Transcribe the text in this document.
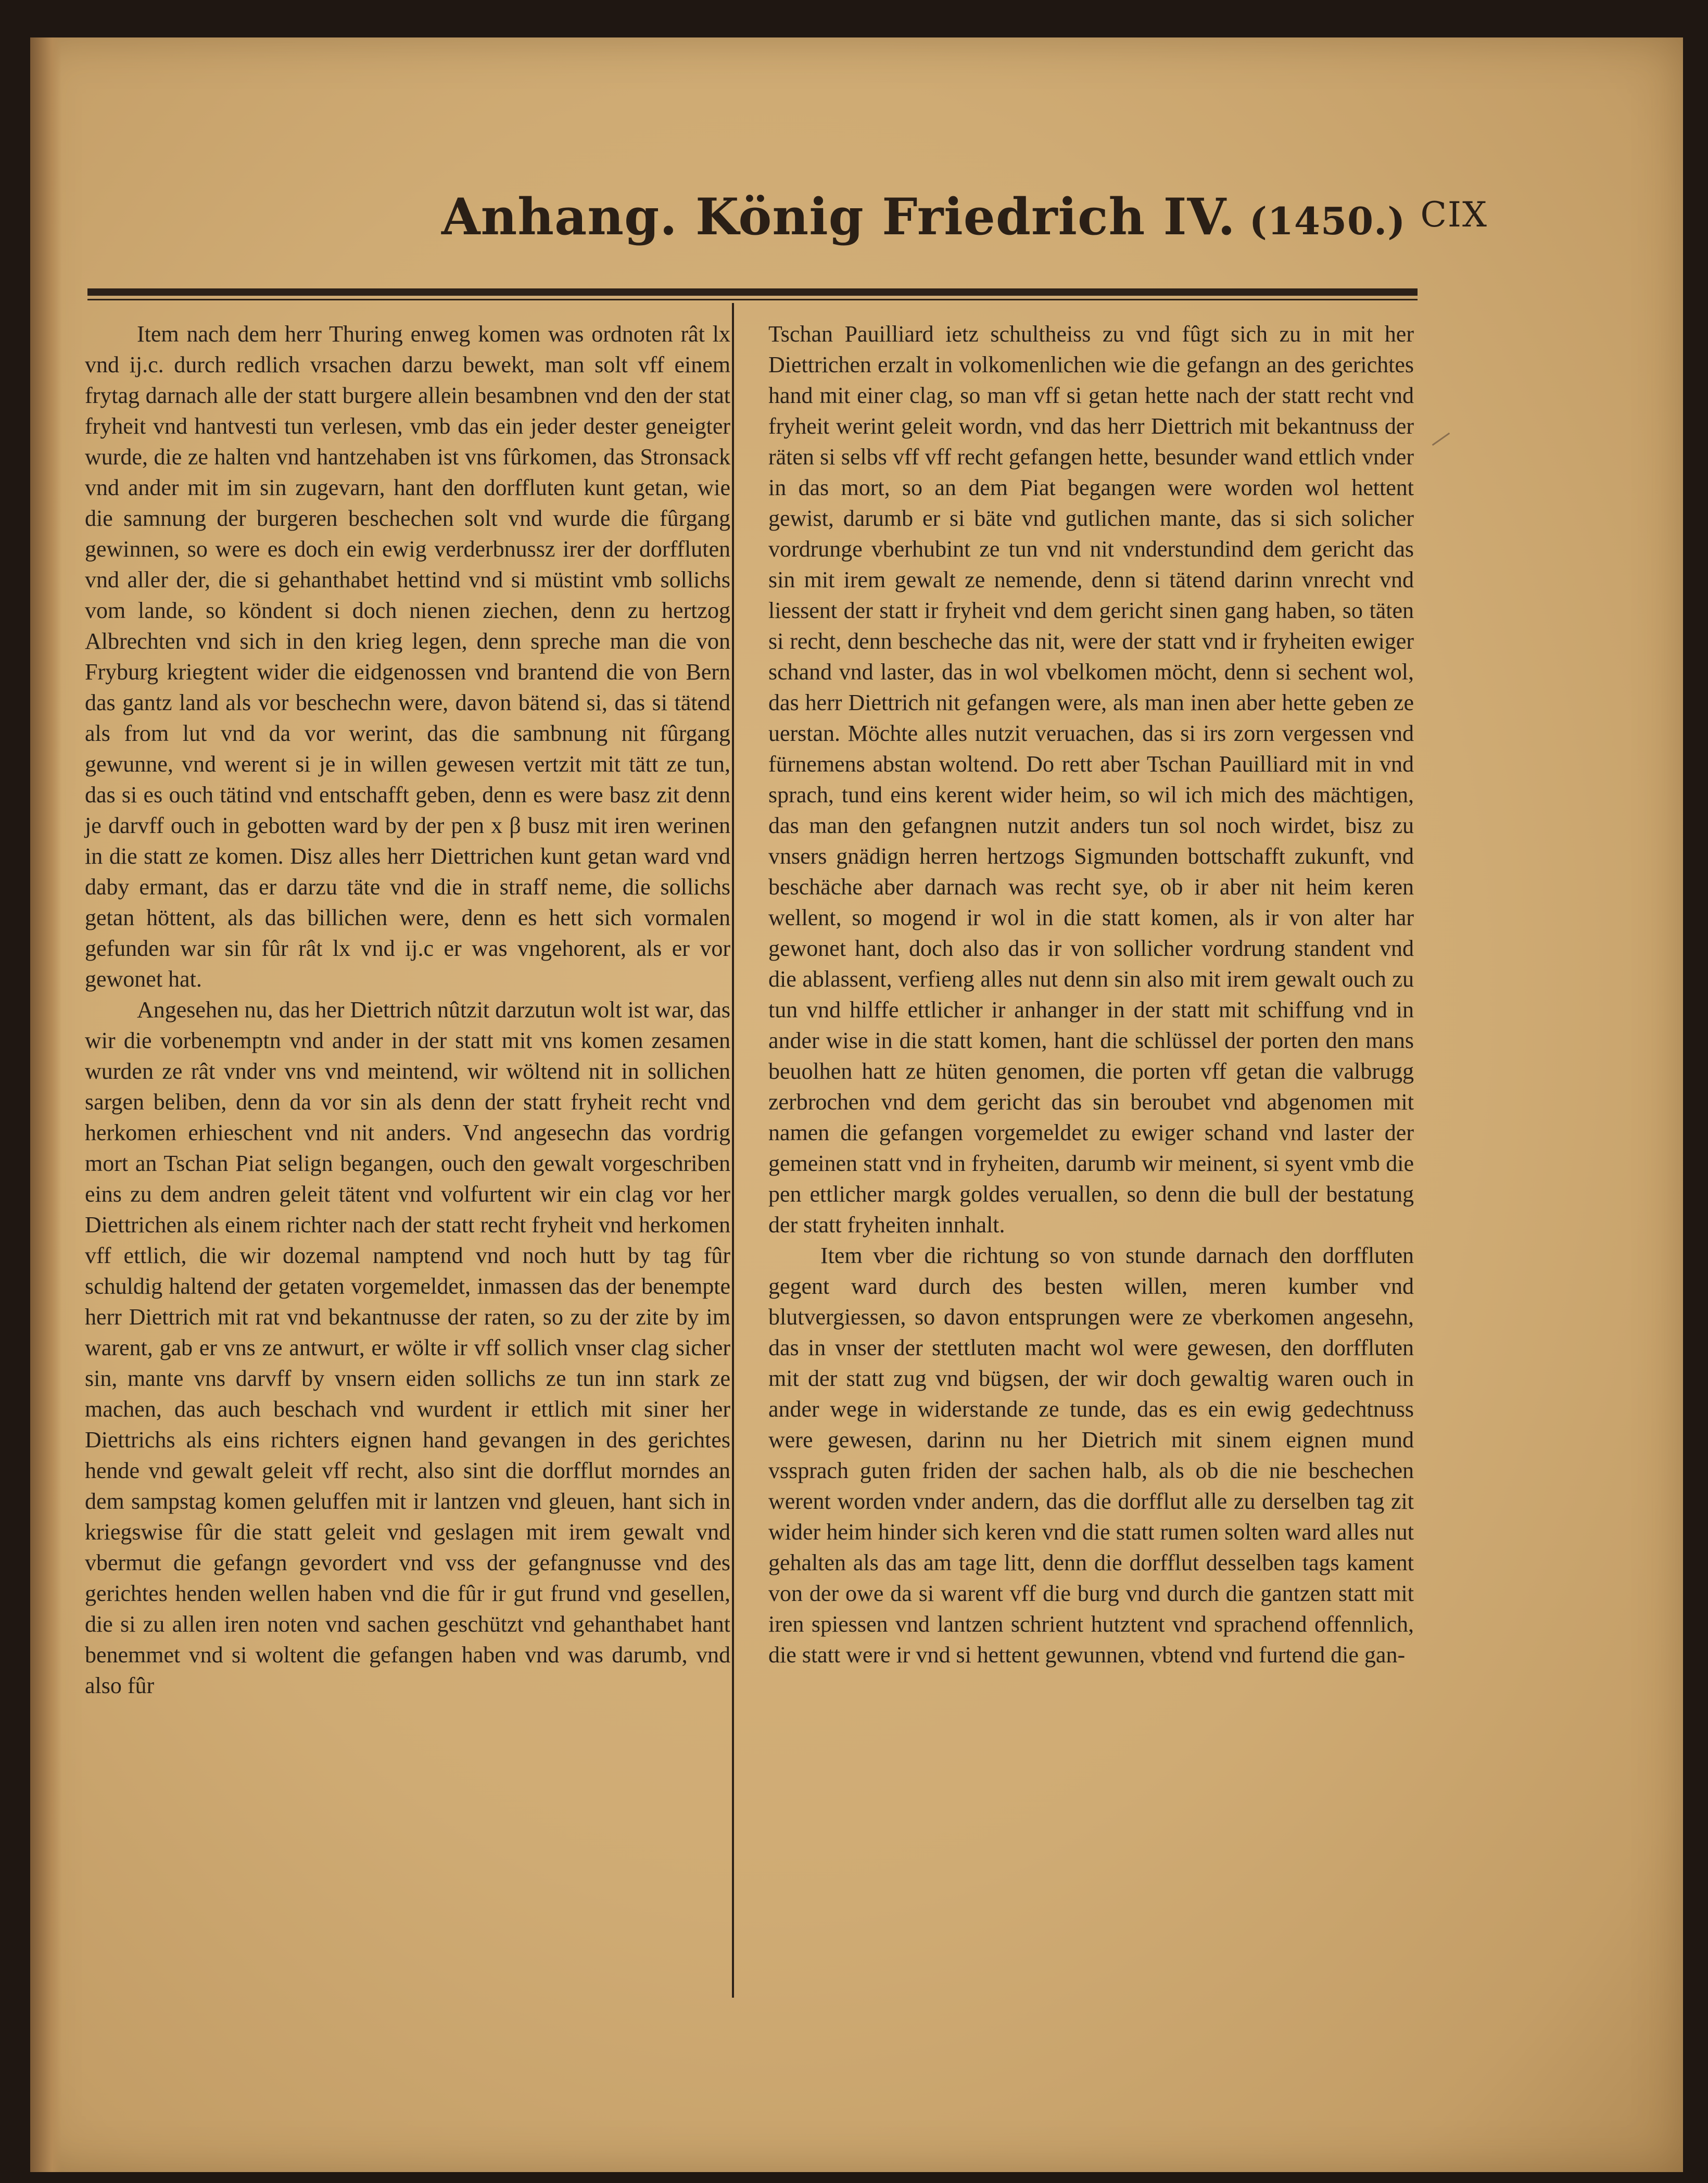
Anhang. König Friedrich IV. (1450.) CIX

Item nach dem herr Thuring enweg komen was ordnoten rât lx vnd ij.c. durch redlich vrsachen darzu bewekt, man solt vff einem frytag darnach alle der statt burgere allein besambnen vnd den der stat fryheit vnd hantvesti tun verlesen, vmb das ein jeder dester geneigter wurde, die ze halten vnd hantzehaben ist vns fûrkomen, das Stronsack vnd ander mit im sin zugevarn, hant den dorffluten kunt getan, wie die samnung der burgeren beschechen solt vnd wurde die fûrgang gewinnen, so were es doch ein ewig verderbnussz irer der dorffluten vnd aller der, die si gehanthabet hettind vnd si müstint vmb sollichs vom lande, so köndent si doch nienen ziechen, denn zu hertzog Albrechten vnd sich in den krieg legen, denn spreche man die von Fryburg kriegtent wider die eidgenossen vnd brantend die von Bern das gantz land als vor beschechn were, davon bätend si, das si tätend als from lut vnd da vor werint, das die sambnung nit fûrgang gewunne, vnd werent si je in willen gewesen vertzit mit tätt ze tun, das si es ouch tätind vnd entschafft geben, denn es were basz zit denn je darvff ouch in gebotten ward by der pen x β busz mit iren werinen in die statt ze komen. Disz alles herr Diettrichen kunt getan ward vnd daby ermant, das er darzu täte vnd die in straff neme, die sollichs getan höttent, als das billichen were, denn es hett sich vormalen gefunden war sin fûr rât lx vnd ij.c er was vngehorent, als er vor gewonet hat.

Angesehen nu, das her Diettrich nûtzit darzutun wolt ist war, das wir die vorbenemptn vnd ander in der statt mit vns komen zesamen wurden ze rât vnder vns vnd meintend, wir wöltend nit in sollichen sargen beliben, denn da vor sin als denn der statt fryheit recht vnd herkomen erhieschent vnd nit anders. Vnd angesechn das vordrig mort an Tschan Piat selign begangen, ouch den gewalt vorgeschriben eins zu dem andren geleit tätent vnd volfurtent wir ein clag vor her Diettrichen als einem richter nach der statt recht fryheit vnd herkomen vff ettlich, die wir dozemal namptend vnd noch hutt by tag fûr schuldig haltend der getaten vorgemeldet, inmassen das der benempte herr Diettrich mit rat vnd bekantnusse der raten, so zu der zite by im warent, gab er vns ze antwurt, er wölte ir vff sollich vnser clag sicher sin, mante vns darvff by vnsern eiden sollichs ze tun inn stark ze machen, das auch beschach vnd wurdent ir ettlich mit siner her Diettrichs als eins richters eignen hand gevangen in des gerichtes hende vnd gewalt geleit vff recht, also sint die dorfflut morndes an dem sampstag komen geluffen mit ir lantzen vnd gleuen, hant sich in kriegswise fûr die statt geleit vnd geslagen mit irem gewalt vnd vbermut die gefangn gevordert vnd vss der gefangnusse vnd des gerichtes henden wellen haben vnd die fûr ir gut frund vnd gesellen, die si zu allen iren noten vnd sachen geschützt vnd gehanthabet hant benemmet vnd si woltent die gefangen haben vnd was darumb, vnd also fûr

Tschan Pauilliard ietz schultheiss zu vnd fûgt sich zu in mit her Diettrichen erzalt in volkomenlichen wie die gefangn an des gerichtes hand mit einer clag, so man vff si getan hette nach der statt recht vnd fryheit werint geleit wordn, vnd das herr Diettrich mit bekantnuss der räten si selbs vff vff recht gefangen hette, besunder wand ettlich vnder in das mort, so an dem Piat begangen were worden wol hettent gewist, darumb er si bäte vnd gutlichen mante, das si sich solicher vordrunge vberhubint ze tun vnd nit vnderstundind dem gericht das sin mit irem gewalt ze nemende, denn si tätend darinn vnrecht vnd liessent der statt ir fryheit vnd dem gericht sinen gang haben, so täten si recht, denn bescheche das nit, were der statt vnd ir fryheiten ewiger schand vnd laster, das in wol vbelkomen möcht, denn si sechent wol, das herr Diettrich nit gefangen were, als man inen aber hette geben ze uerstan. Möchte alles nutzit veruachen, das si irs zorn vergessen vnd fürnemens abstan woltend. Do rett aber Tschan Pauilliard mit in vnd sprach, tund eins kerent wider heim, so wil ich mich des mächtigen, das man den gefangnen nutzit anders tun sol noch wirdet, bisz zu vnsers gnädign herren hertzogs Sigmunden bottschafft zukunft, vnd beschäche aber darnach was recht sye, ob ir aber nit heim keren wellent, so mogend ir wol in die statt komen, als ir von alter har gewonet hant, doch also das ir von sollicher vordrung standent vnd die ablassent, verfieng alles nut denn sin also mit irem gewalt ouch zu tun vnd hilffe ettlicher ir anhanger in der statt mit schiffung vnd in ander wise in die statt komen, hant die schlüssel der porten den mans beuolhen hatt ze hüten genomen, die porten vff getan die valbrugg zerbrochen vnd dem gericht das sin beroubet vnd abgenomen mit namen die gefangen vorgemeldet zu ewiger schand vnd laster der gemeinen statt vnd in fryheiten, darumb wir meinent, si syent vmb die pen ettlicher margk goldes veruallen, so denn die bull der bestatung der statt fryheiten innhalt.

Item vber die richtung so von stunde darnach den dorffluten gegent ward durch des besten willen, meren kumber vnd blutvergiessen, so davon entsprungen were ze vberkomen angesehn, das in vnser der stettluten macht wol were gewesen, den dorffluten mit der statt zug vnd bügsen, der wir doch gewaltig waren ouch in ander wege in widerstande ze tunde, das es ein ewig gedechtnuss were gewesen, darinn nu her Dietrich mit sinem eignen mund vssprach guten friden der sachen halb, als ob die nie beschechen werent worden vnder andern, das die dorfflut alle zu derselben tag zit wider heim hinder sich keren vnd die statt rumen solten ward alles nut gehalten als das am tage litt, denn die dorfflut desselben tags kament von der owe da si warent vff die burg vnd durch die gantzen statt mit iren spiessen vnd lantzen schrient hutztent vnd sprachend offennlich, die statt were ir vnd si hettent gewunnen, vbtend vnd furtend die gan-
